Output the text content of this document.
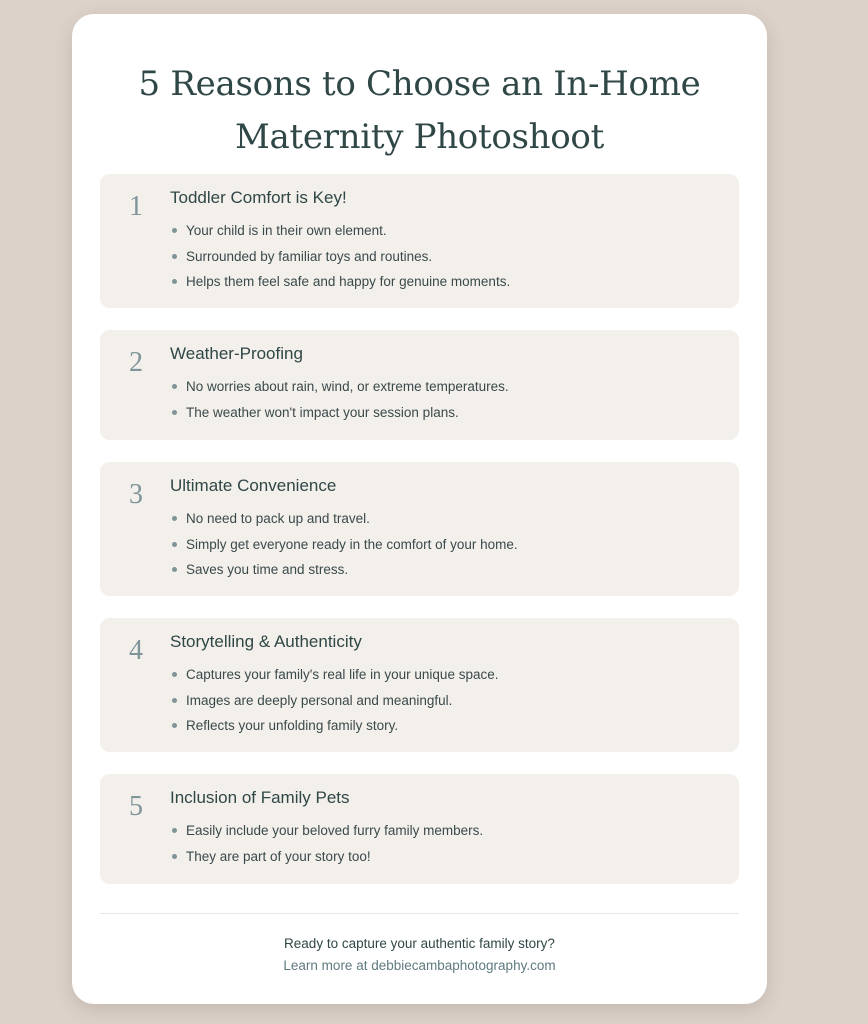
5 Reasons to Choose an In-Home
Maternity Photoshoot
1 Toddler Comfort is Key!
Your child is in their own element.
Surrounded by familiar toys and routines.
Helps them feel safe and happy for genuine moments.
2 Weather-Proofing
No worries about rain, wind, or extreme temperatures.
The weather won't impact your session plans.
3 Ultimate Convenience
No need to pack up and travel.
Simply get everyone ready in the comfort of your home.
Saves you time and stress.
4 Storytelling & Authenticity
Captures your family's real life in your unique space.
Images are deeply personal and meaningful.
Reflects your unfolding family story.
5 Inclusion of Family Pets
Easily include your beloved furry family members.
They are part of your story too!
Ready to capture your authentic family story?
Learn more at debbiecambaphotography.com
